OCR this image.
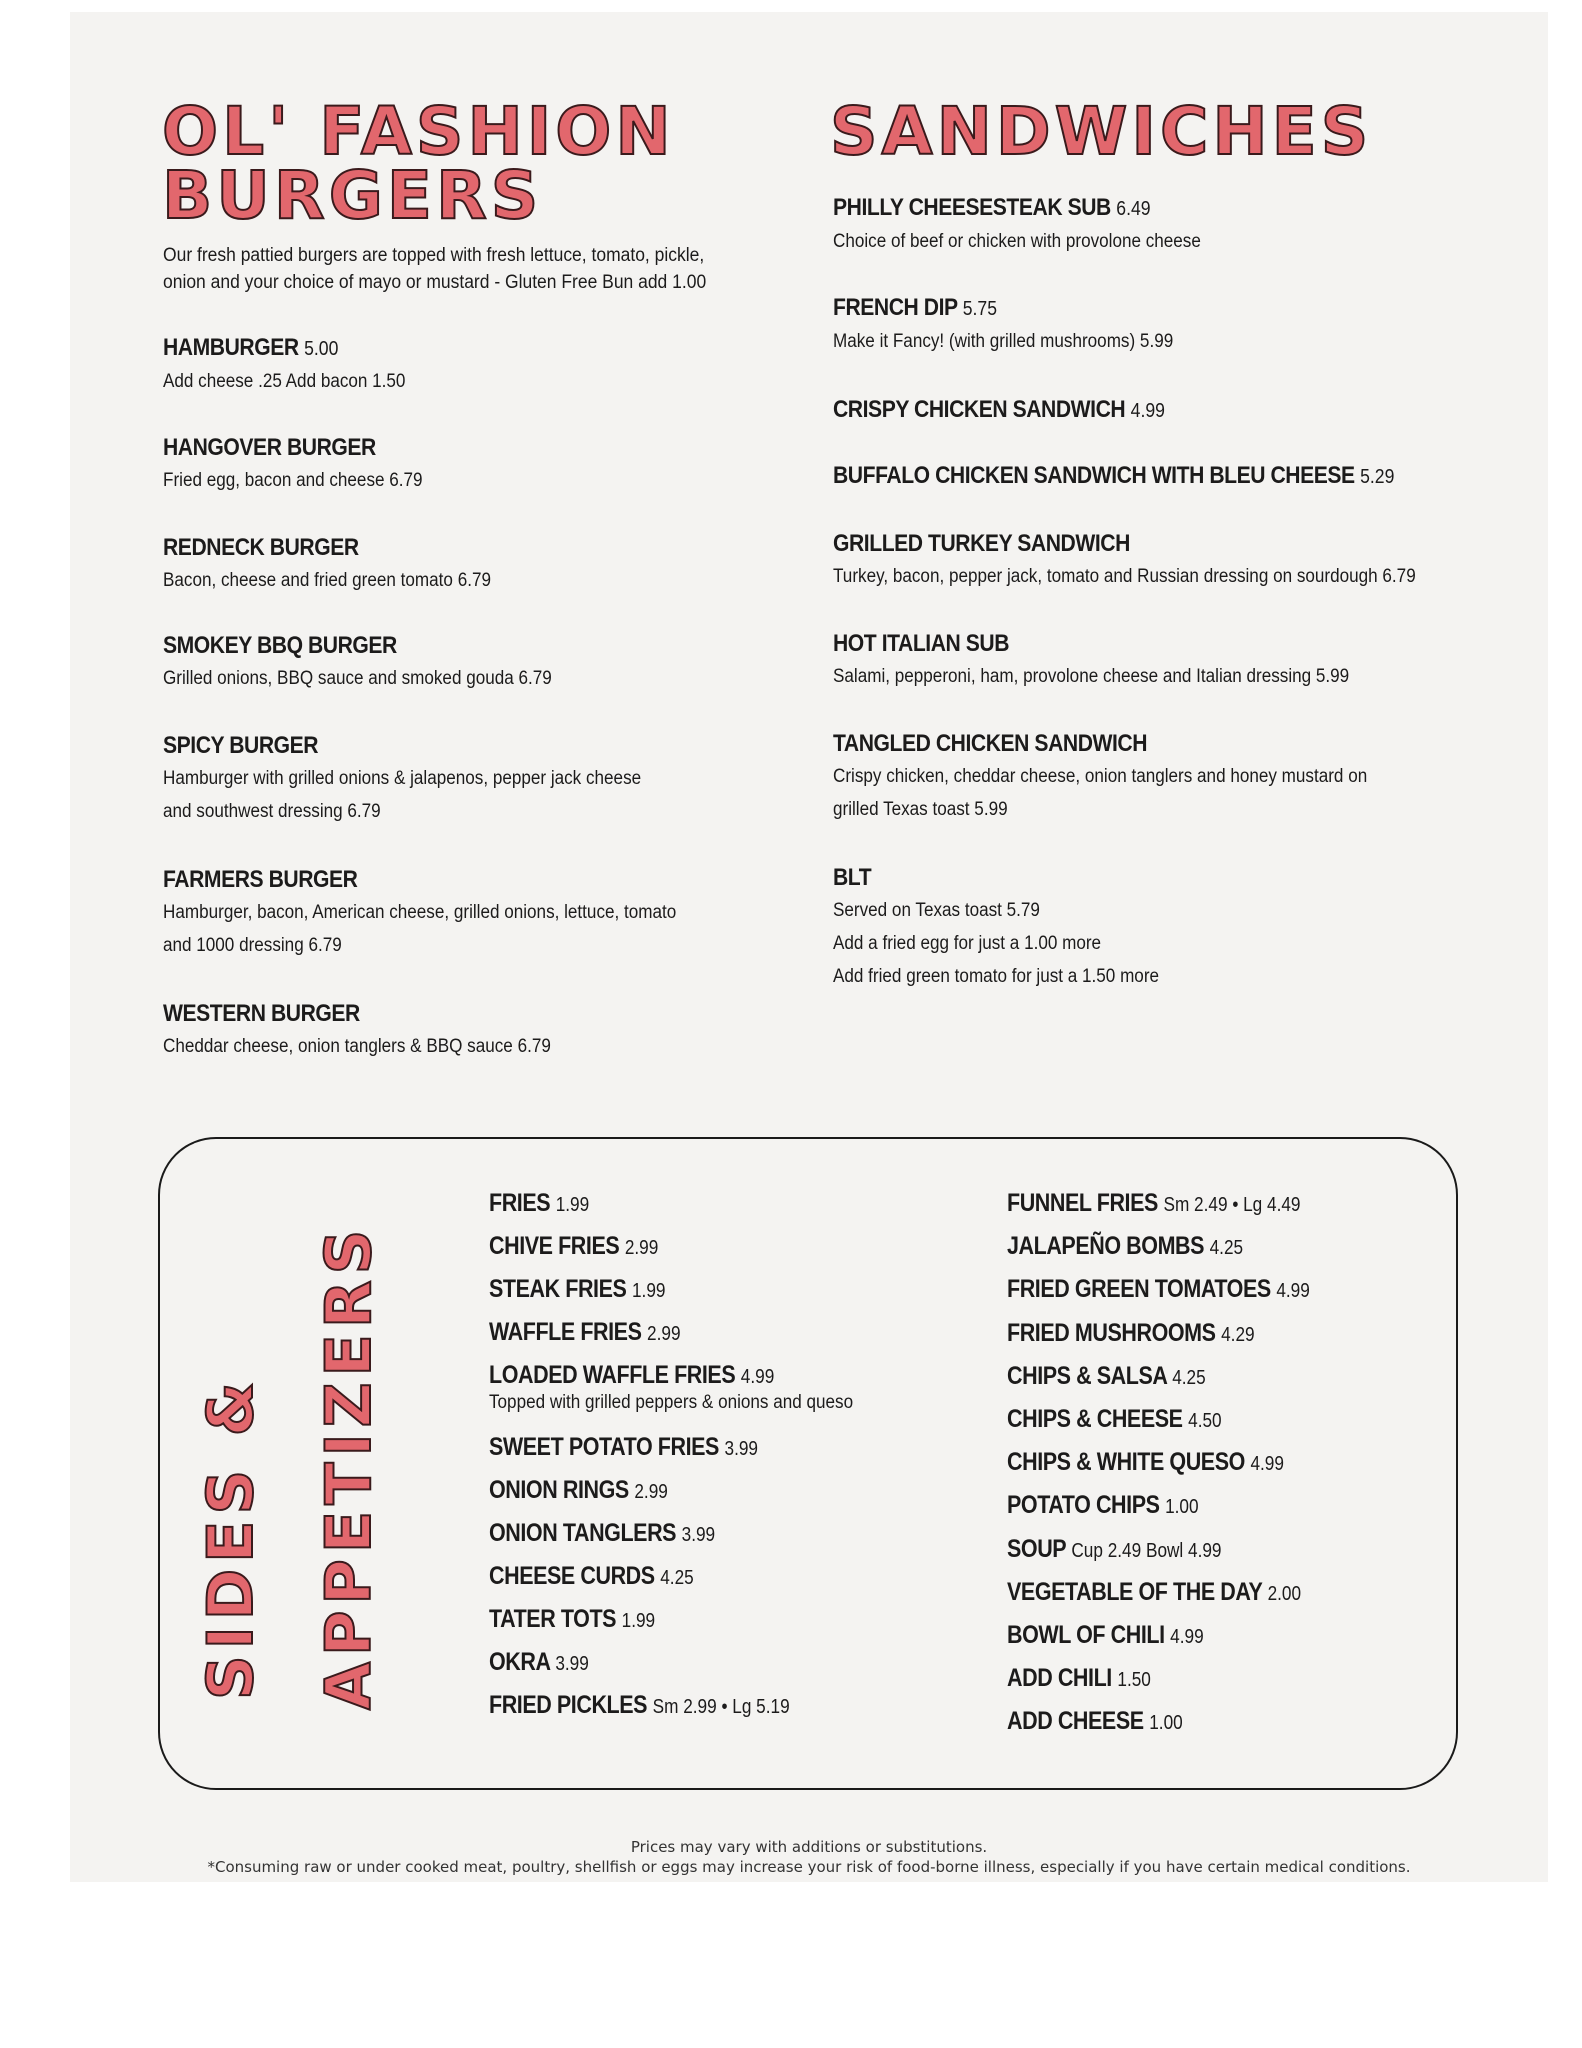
OL' FASHION
BURGERS

Our fresh pattied burgers are topped with fresh lettuce, tomato, pickle,
onion and your choice of mayo or mustard - Gluten Free Bun add 1.00

HAMBURGER 5.00
Add cheese .25 Add bacon 1.50
HANGOVER BURGER
Fried egg, bacon and cheese 6.79
REDNECK BURGER
Bacon, cheese and fried green tomato 6.79
SMOKEY BBQ BURGER
Grilled onions, BBQ sauce and smoked gouda 6.79
SPICY BURGER
Hamburger with grilled onions & jalapenos, pepper jack cheese
and southwest dressing 6.79
FARMERS BURGER
Hamburger, bacon, American cheese, grilled onions, lettuce, tomato
and 1000 dressing 6.79
WESTERN BURGER
Cheddar cheese, onion tanglers & BBQ sauce 6.79
SANDWICHES
PHILLY CHEESESTEAK SUB 6.49
Choice of beef or chicken with provolone cheese
FRENCH DIP 5.75
Make it Fancy! (with grilled mushrooms) 5.99
CRISPY CHICKEN SANDWICH 4.99
BUFFALO CHICKEN SANDWICH WITH BLEU CHEESE 5.29
GRILLED TURKEY SANDWICH
Turkey, bacon, pepper jack, tomato and Russian dressing on sourdough 6.79
HOT ITALIAN SUB
Salami, pepperoni, ham, provolone cheese and Italian dressing 5.99
TANGLED CHICKEN SANDWICH
Crispy chicken, cheddar cheese, onion tanglers and honey mustard on
grilled Texas toast 5.99
BLT
Served on Texas toast 5.79
Add a fried egg for just a 1.00 more
Add fried green tomato for just a 1.50 more
SIDES & APPETIZERS
FRIES 1.99
CHIVE FRIES 2.99
STEAK FRIES 1.99
WAFFLE FRIES 2.99
LOADED WAFFLE FRIES 4.99
Topped with grilled peppers & onions and queso
SWEET POTATO FRIES 3.99
ONION RINGS 2.99
ONION TANGLERS 3.99
CHEESE CURDS 4.25
TATER TOTS 1.99
OKRA 3.99
FRIED PICKLES Sm 2.99 • Lg 5.19
FUNNEL FRIES Sm 2.49 • Lg 4.49
JALAPEÑO BOMBS 4.25
FRIED GREEN TOMATOES 4.99
FRIED MUSHROOMS 4.29
CHIPS & SALSA 4.25
CHIPS & CHEESE 4.50
CHIPS & WHITE QUESO 4.99
POTATO CHIPS 1.00
SOUP Cup 2.49 Bowl 4.99
VEGETABLE OF THE DAY 2.00
BOWL OF CHILI 4.99
ADD CHILI 1.50
ADD CHEESE 1.00

Prices may vary with additions or substitutions.

*Consuming raw or under cooked meat, poultry, shellfish or eggs may increase your risk of food-borne illness, especially if you have certain medical conditions.
